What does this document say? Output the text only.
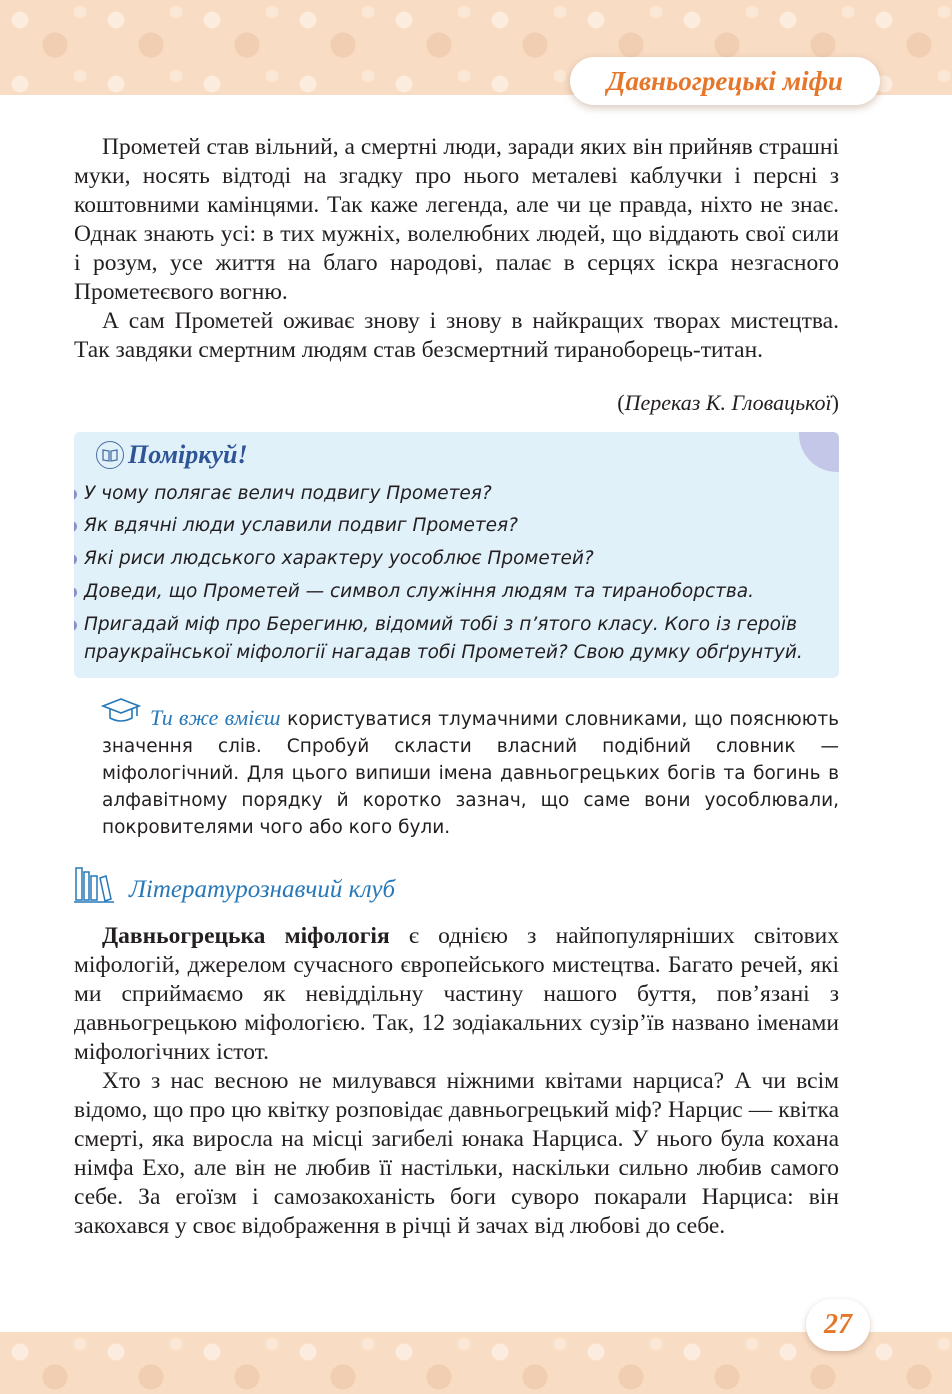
Давньогрецькі міфи

Прометей став вільний, а смертні люди, заради яких він прийняв страшні муки, носять відтоді на згадку про нього металеві каблучки і персні з коштовними камінцями. Так каже легенда, але чи це правда, ніхто не знає. Однак знають усі: в тих мужніх, волелюбних людей, що віддають свої сили і розум, усе життя на благо народові, палає в серцях іскра незгасного Прометеєвого вогню.

А сам Прометей оживає знову і знову в найкращих творах мистецтва. Так завдяки смертним людям став безсмертний тираноборець-титан.

(Переказ К. Гловацької)
Поміркуй!
У чому полягає велич подвигу Прометея?
Як вдячні люди уславили подвиг Прометея?
Які риси людського характеру уособлює Прометей?
Доведи, що Прометей — символ служіння людям та тираноборства.
Пригадай міф про Берегиню, відомий тобі з п’ятого класу. Кого із героїв праукраїнської міфології нагадав тобі Прометей? Свою думку обґрунтуй.
Ти вже вмієш користуватися тлумачними словниками, що пояснюють значення слів. Спробуй скласти власний подібний словник — міфологічний. Для цього випиши імена давньогрецьких богів та богинь в алфавітному порядку й коротко зазнач, що саме вони уособлювали, покровителями чого або кого були.
Літературознавчий клуб

Давньогрецька міфологія є однією з найпопулярніших світових міфологій, джерелом сучасного європейського мистецтва. Багато речей, які ми сприймаємо як невіддільну частину нашого буття, пов’язані з давньогрецькою міфологією. Так, 12 зодіакальних сузір’їв названо іменами міфологічних істот.

Хто з нас весною не милувався ніжними квітами нарциса? А чи всім відомо, що про цю квітку розповідає давньогрецький міф? Нарцис — квітка смерті, яка виросла на місці загибелі юнака Нарциса. У нього була кохана німфа Ехо, але він не любив її настільки, наскільки сильно любив самого себе. За егоїзм і самозакоханість боги суворо покарали Нарциса: він закохався у своє відображення в річці й зачах від любові до себе.

27
